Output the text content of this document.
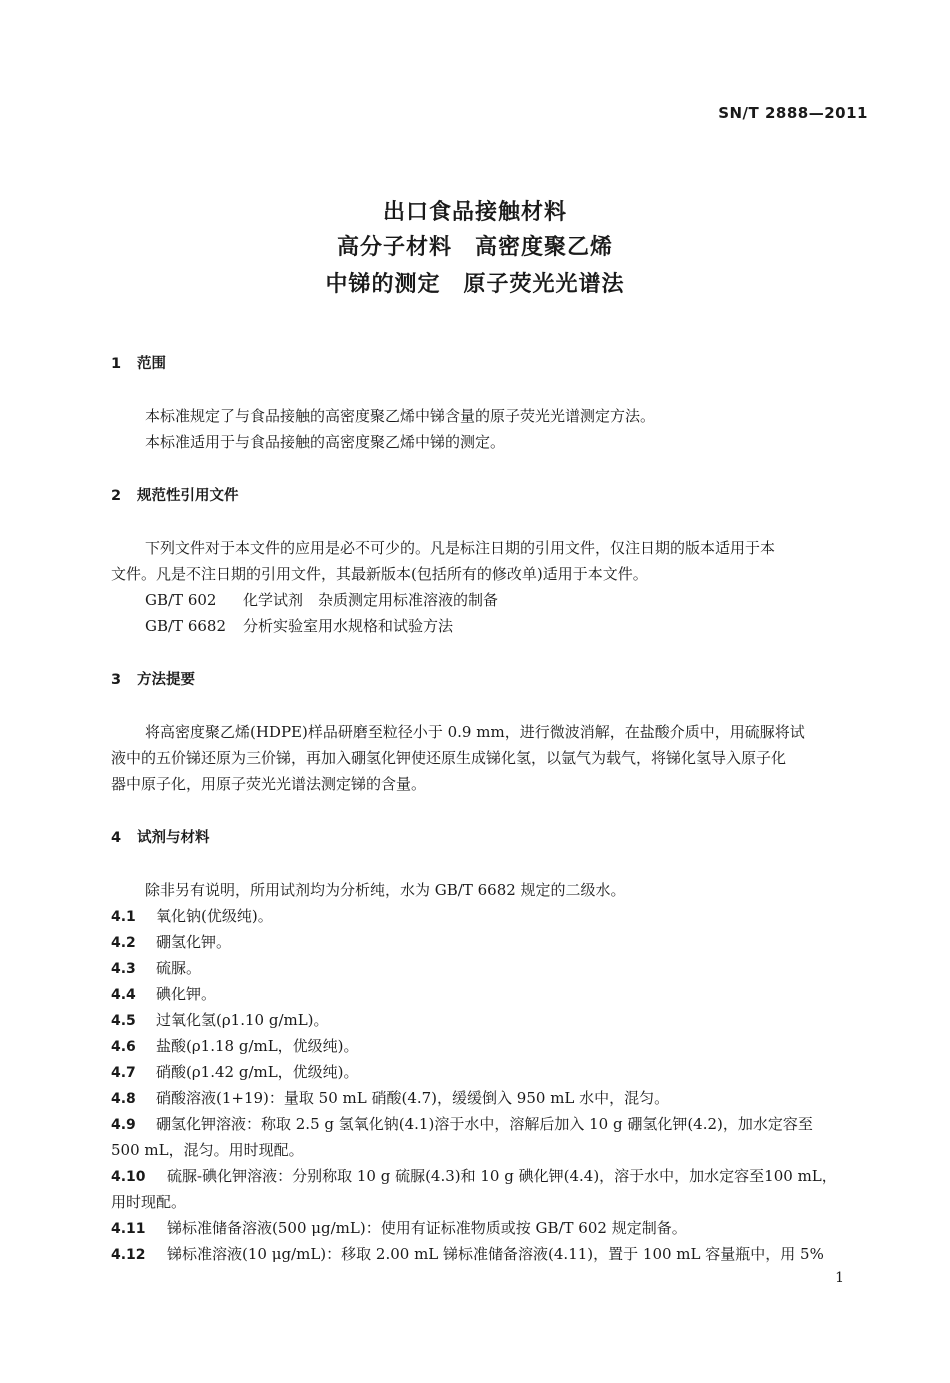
SN/T 2888—2011
出口食品接触材料
高分子材料　高密度聚乙烯
中锑的测定　原子荧光光谱法
1 范围
本标准规定了与食品接触的高密度聚乙烯中锑含量的原子荧光光谱测定方法。
本标准适用于与食品接触的高密度聚乙烯中锑的测定。
2 规范性引用文件
下列文件对于本文件的应用是必不可少的。凡是标注日期的引用文件，仅注日期的版本适用于本
文件。凡是不注日期的引用文件，其最新版本(包括所有的修改单)适用于本文件。
GB/T 602 化学试剂　杂质测定用标准溶液的制备
GB/T 6682 分析实验室用水规格和试验方法
3 方法提要
将高密度聚乙烯(HDPE)样品研磨至粒径小于 0.9 mm，进行微波消解，在盐酸介质中，用硫脲将试
液中的五价锑还原为三价锑，再加入硼氢化钾使还原生成锑化氢，以氩气为载气，将锑化氢导入原子化
器中原子化，用原子荧光光谱法测定锑的含量。
4 试剂与材料
除非另有说明，所用试剂均为分析纯，水为 GB/T 6682 规定的二级水。
4.1 氧化钠(优级纯)。
4.2 硼氢化钾。
4.3 硫脲。
4.4 碘化钾。
4.5 过氧化氢(ρ1.10 g/mL)。
4.6 盐酸(ρ1.18 g/mL，优级纯)。
4.7 硝酸(ρ1.42 g/mL，优级纯)。
4.8 硝酸溶液(1+19)：量取 50 mL 硝酸(4.7)，缓缓倒入 950 mL 水中，混匀。
4.9 硼氢化钾溶液：称取 2.5 g 氢氧化钠(4.1)溶于水中，溶解后加入 10 g 硼氢化钾(4.2)，加水定容至
500 mL，混匀。用时现配。
4.10 硫脲-碘化钾溶液：分别称取 10 g 硫脲(4.3)和 10 g 碘化钾(4.4)，溶于水中，加水定容至100 mL，
用时现配。
4.11 锑标准储备溶液(500 μg/mL)：使用有证标准物质或按 GB/T 602 规定制备。
4.12 锑标准溶液(10 μg/mL)：移取 2.00 mL 锑标准储备溶液(4.11)，置于 100 mL 容量瓶中，用 5%
1
